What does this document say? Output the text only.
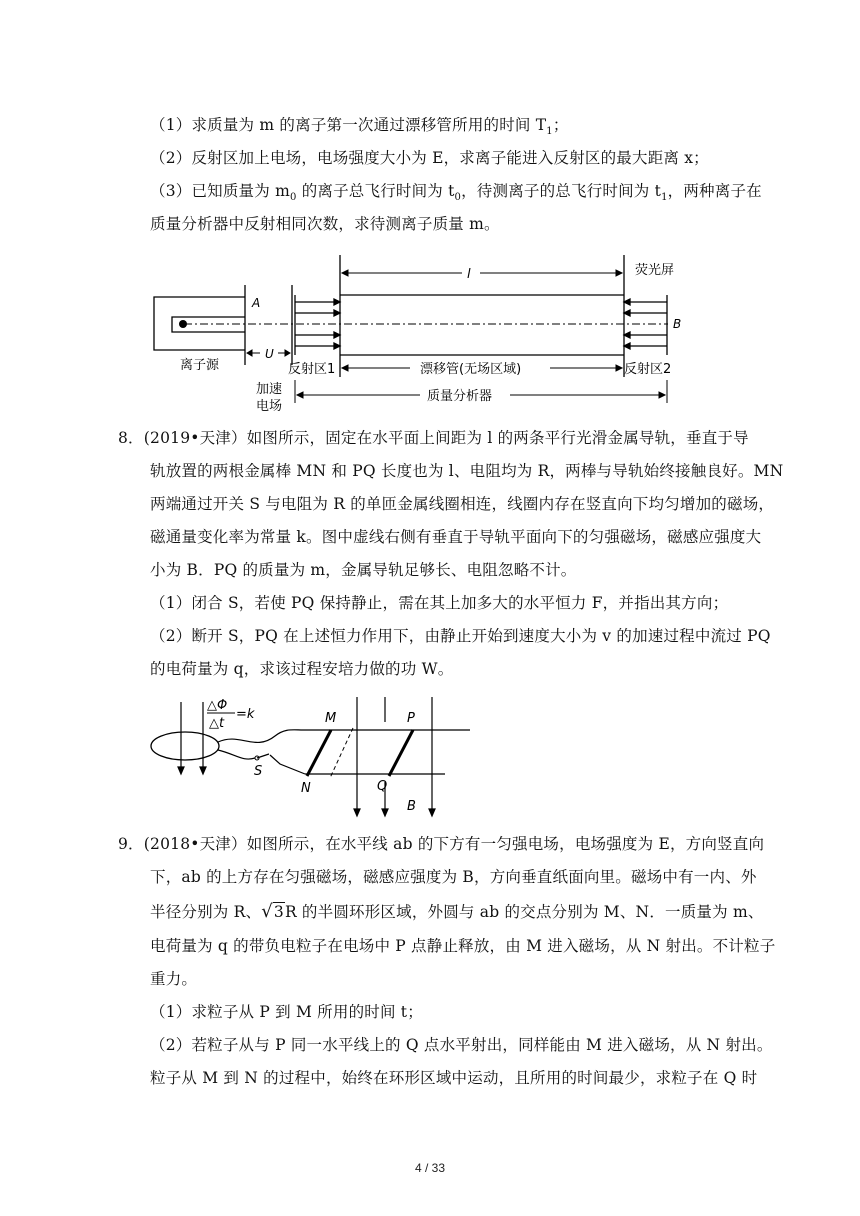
（1）求质量为 m 的离子第一次通过漂移管所用的时间 $T_1$；
（2）反射区加上电场，电场强度大小为 E，求离子能进入反射区的最大距离 x；
（3）已知质量为 $m_0$ 的离子总飞行时间为 $t_0$，待测离子的总飞行时间为 $t_1$，两种离子在
质量分析器中反射相同次数，求待测离子质量 m。
A
U
l	荧光屏
B
离子源	反射区1	反射区2
漂移管(无场区域)
加速
电场
质量分析器
8．(2019•天津）如图所示，固定在水平面上间距为 l 的两条平行光滑金属导轨，垂直于导
轨放置的两根金属棒 MN 和 PQ 长度也为 l、电阻均为 R，两棒与导轨始终接触良好。MN
两端通过开关 S 与电阻为 R 的单匝金属线圈相连，线圈内存在竖直向下均匀增加的磁场，
磁通量变化率为常量 k。图中虚线右侧有垂直于导轨平面向下的匀强磁场，磁感应强度大
小为 B．PQ 的质量为 m，金属导轨足够长、电阻忽略不计。
（1）闭合 S，若使 PQ 保持静止，需在其上加多大的水平恒力 F，并指出其方向；
（2）断开 S，PQ 在上述恒力作用下，由静止开始到速度大小为 v 的加速过程中流过 PQ
的电荷量为 q，求该过程安培力做的功 W。
△Φ
△t
=k
S
M
N
P
Q
B
9．(2018•天津）如图所示，在水平线 ab 的下方有一匀强电场，电场强度为 E，方向竖直向
下，ab 的上方存在匀强磁场，磁感应强度为 B，方向垂直纸面向里。磁场中有一内、外
半径分别为 R、√3R 的半圆环形区域，外圆与 ab 的交点分别为 M、N．一质量为 m、
电荷量为 q 的带负电粒子在电场中 P 点静止释放，由 M 进入磁场，从 N 射出。不计粒子
重力。
（1）求粒子从 P 到 M 所用的时间 t；
（2）若粒子从与 P 同一水平线上的 Q 点水平射出，同样能由 M 进入磁场，从 N 射出。
粒子从 M 到 N 的过程中，始终在环形区域中运动，且所用的时间最少，求粒子在 Q 时
4 / 33
